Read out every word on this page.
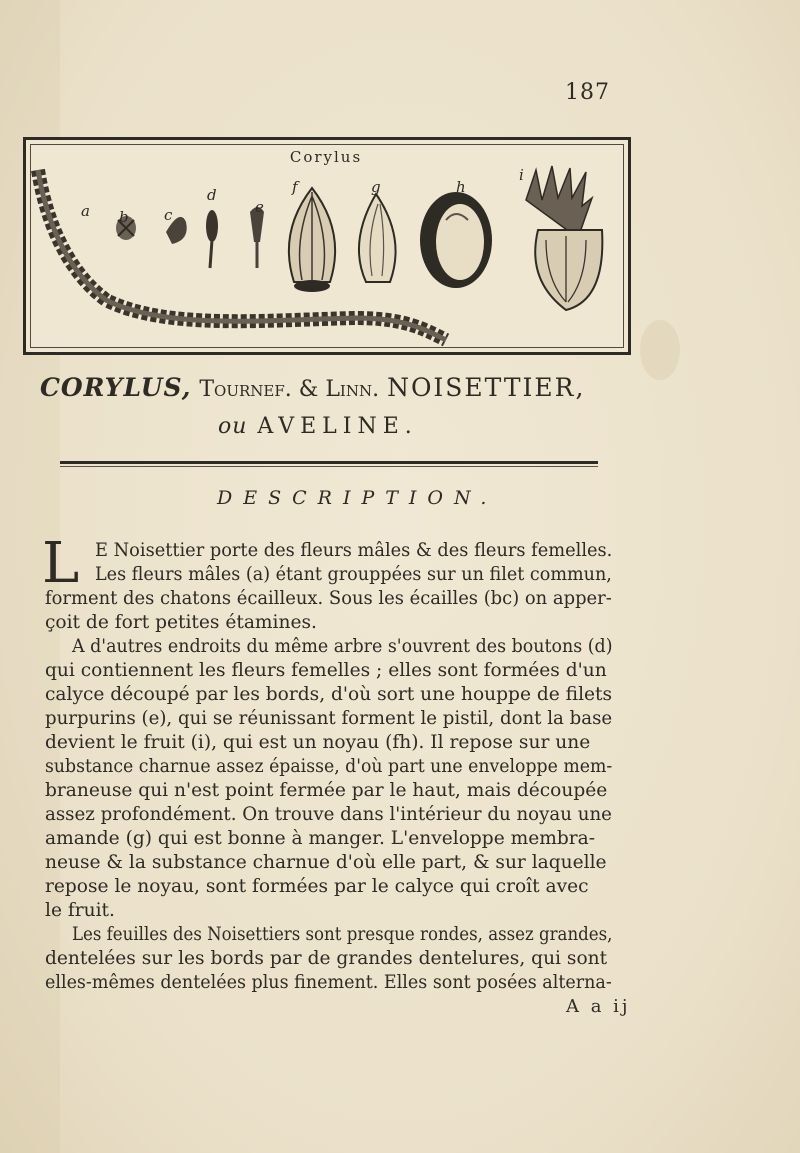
187
Corylus
a b c
d
e
f	g	h
i
CORYLUS, Tournef. & Linn. NOISETTIER,
ou AVELINE.
DESCRIPTION.
L E Noisettier porte des fleurs mâles & des fleurs femelles.
Les fleurs mâles (a) étant grouppées sur un filet commun,
forment des chatons écailleux. Sous les écailles (bc) on apper-
çoit de fort petites étamines.
A d'autres endroits du même arbre s'ouvrent des boutons (d)
qui contiennent les fleurs femelles ; elles sont formées d'un
calyce découpé par les bords, d'où sort une houppe de filets
purpurins (e), qui se réunissant forment le pistil, dont la base
devient le fruit (i), qui est un noyau (fh). Il repose sur une
substance charnue assez épaisse, d'où part une enveloppe mem-
braneuse qui n'est point fermée par le haut, mais découpée
assez profondément. On trouve dans l'intérieur du noyau une
amande (g) qui est bonne à manger. L'enveloppe membra-
neuse & la substance charnue d'où elle part, & sur laquelle
repose le noyau, sont formées par le calyce qui croît avec
le fruit.
Les feuilles des Noisettiers sont presque rondes, assez grandes,
dentelées sur les bords par de grandes dentelures, qui sont
elles-mêmes dentelées plus finement. Elles sont posées alterna-
A a ij
